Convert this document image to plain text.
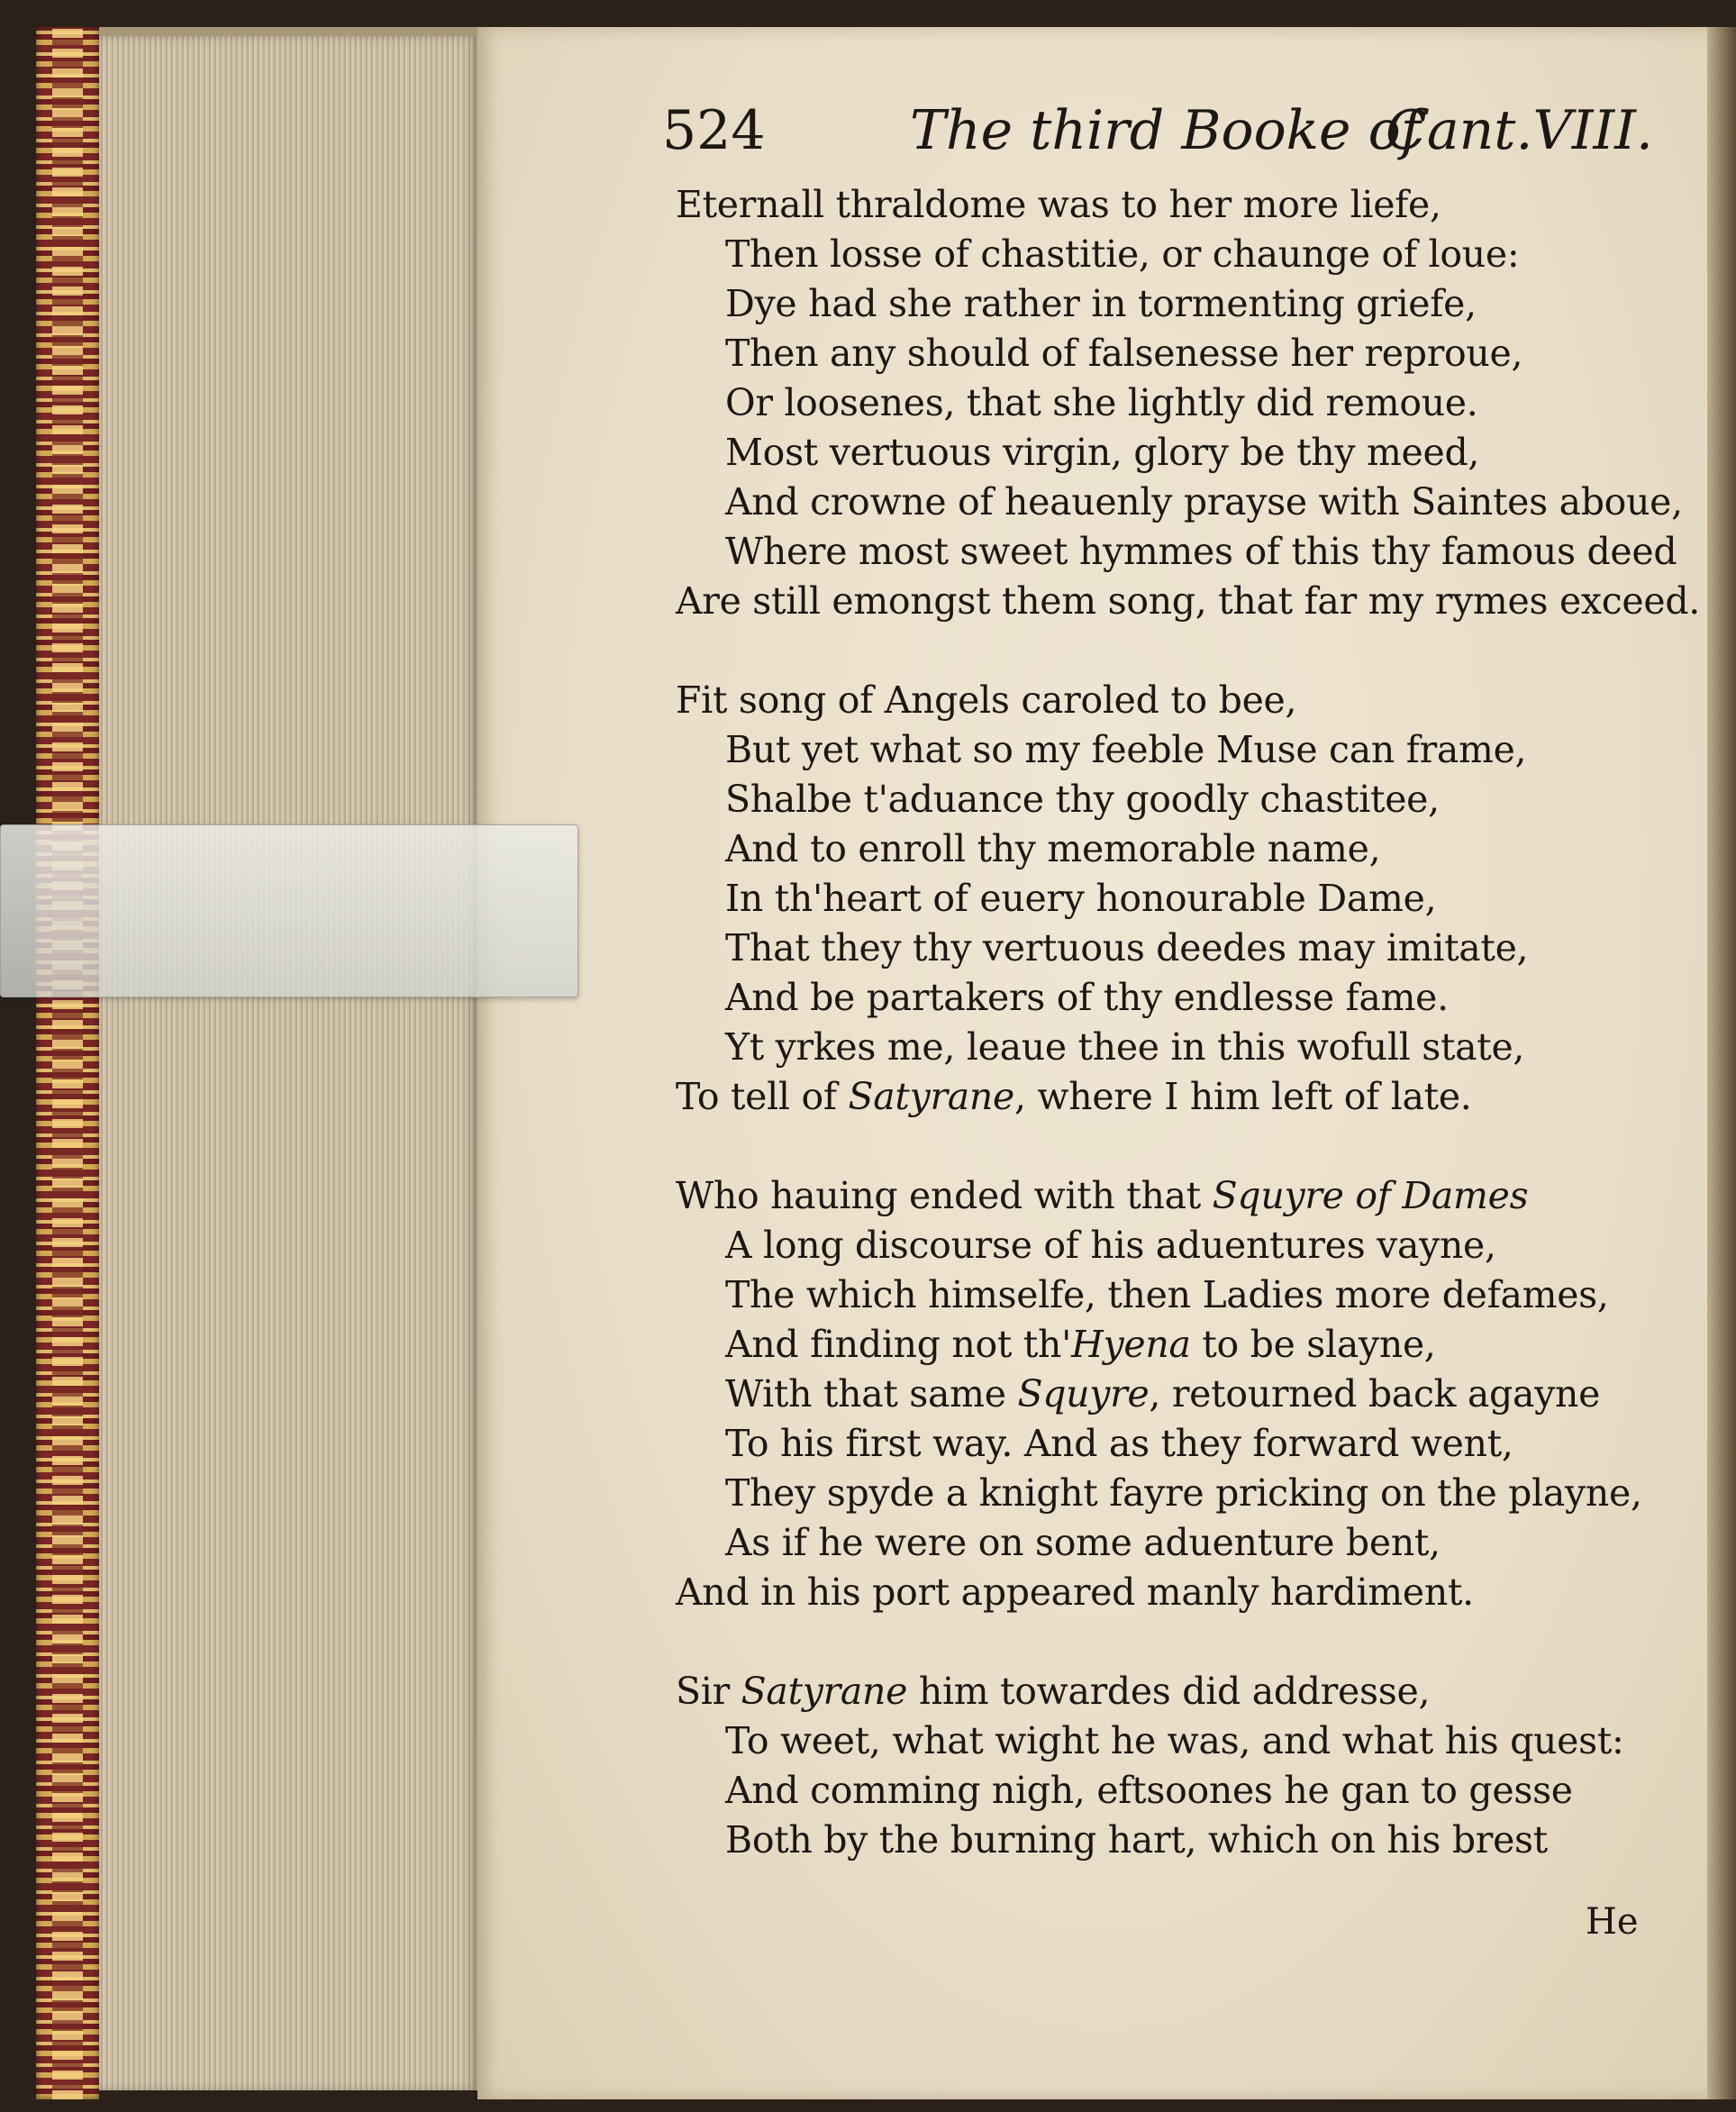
524	The third Booke of
Cant.VIII.
Eternall thraldome was to her more liefe,
Then losse of chastitie, or chaunge of loue:
Dye had she rather in tormenting griefe,
Then any should of falsenesse her reproue,
Or loosenes, that she lightly did remoue.
Most vertuous virgin, glory be thy meed,
And crowne of heauenly prayse with Saintes aboue,
Where most sweet hymmes of this thy famous deed
Are still emongst them song, that far my rymes exceed.
Fit song of Angels caroled to bee,
But yet what so my feeble Muse can frame,
Shalbe t'aduance thy goodly chastitee,
And to enroll thy memorable name,
In th'heart of euery honourable Dame,
That they thy vertuous deedes may imitate,
And be partakers of thy endlesse fame.
Yt yrkes me, leaue thee in this wofull state,
To tell of Satyrane, where I him left of late.
Who hauing ended with that Squyre of Dames
A long discourse of his aduentures vayne,
The which himselfe, then Ladies more defames,
And finding not th'Hyena to be slayne,
With that same Squyre, retourned back agayne
To his first way. And as they forward went,
They spyde a knight fayre pricking on the playne,
As if he were on some aduenture bent,
And in his port appeared manly hardiment.
Sir Satyrane him towardes did addresse,
To weet, what wight he was, and what his quest:
And comming nigh, eftsoones he gan to gesse
Both by the burning hart, which on his brest
He
